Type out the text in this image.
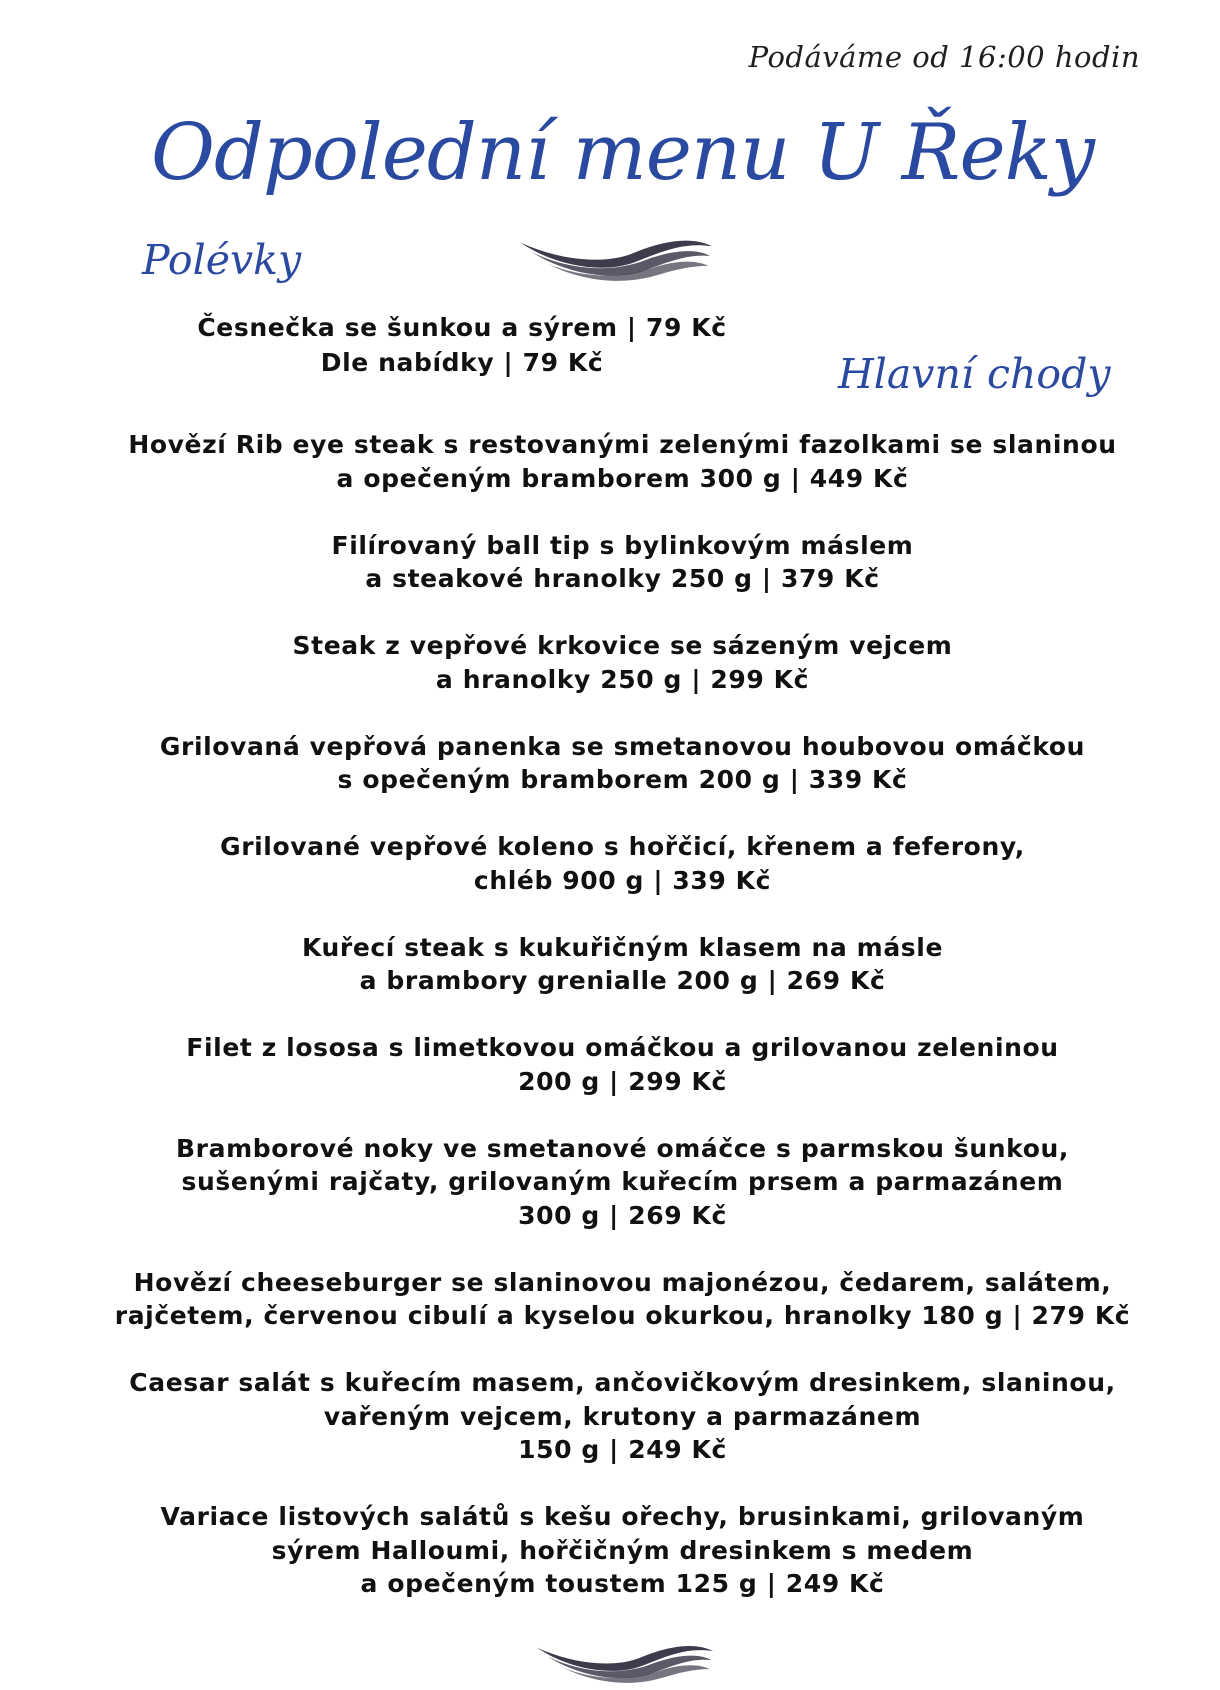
Podáváme od 16:00 hodin

Odpolední menu U Řeky
Polévky
Česnečka se šunkou a sýrem | 79 Kč
Dle nabídky | 79 Kč	Hlavní chody
Hovězí Rib eye steak s restovanými zelenými fazolkami se slaninou
a opečeným bramborem 300 g | 449 Kč
Filírovaný ball tip s bylinkovým máslem
a steakové hranolky 250 g | 379 Kč
Steak z vepřové krkovice se sázeným vejcem
a hranolky 250 g | 299 Kč
Grilovaná vepřová panenka se smetanovou houbovou omáčkou
s opečeným bramborem 200 g | 339 Kč
Grilované vepřové koleno s hořčicí, křenem a feferony,
chléb 900 g | 339 Kč
Kuřecí steak s kukuřičným klasem na másle
a brambory grenialle 200 g | 269 Kč
Filet z lososa s limetkovou omáčkou a grilovanou zeleninou
200 g | 299 Kč
Bramborové noky ve smetanové omáčce s parmskou šunkou,
sušenými rajčaty, grilovaným kuřecím prsem a parmazánem
300 g | 269 Kč
Hovězí cheeseburger se slaninovou majonézou, čedarem, salátem,
rajčetem, červenou cibulí a kyselou okurkou, hranolky 180 g | 279 Kč
Caesar salát s kuřecím masem, ančovičkovým dresinkem, slaninou,
vařeným vejcem, krutony a parmazánem
150 g | 249 Kč
Variace listových salátů s kešu ořechy, brusinkami, grilovaným
sýrem Halloumi, hořčičným dresinkem s medem
a opečeným toustem 125 g | 249 Kč
